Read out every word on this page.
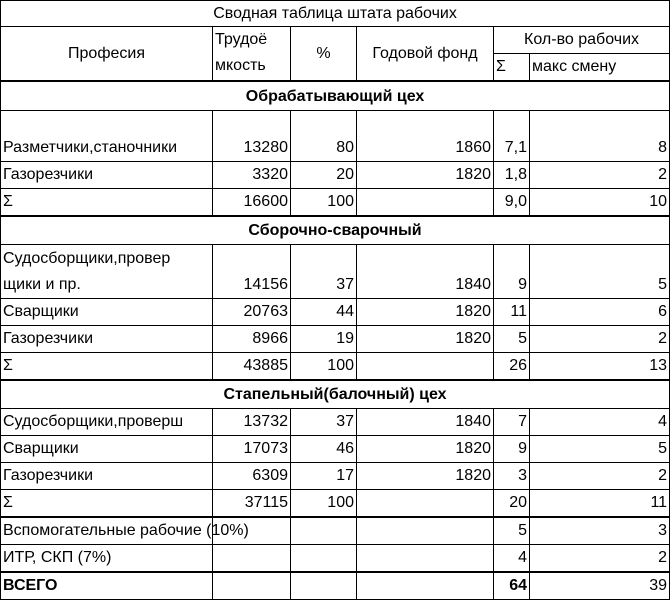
Сводная таблица штата рабочих					
Професия	Трудоё мкость	%	Годовой фонд	Кол-во рабочих	
				Σ	макс смену
Обрабатывающий цех					
Разметчики,станочники	13280	80	1860	7,1	8
Газорезчики	3320	20	1820	1,8	2
Σ	16600	100		9,0	10
Сборочно-сварочный					
Судосборщики,провер щики и пр.	14156	37	1840	9	5
Сварщики	20763	44	1820	11	6
Газорезчики	8966	19	1820	5	2
Σ	43885	100		26	13
Стапельный(балочный) цех					
Судосборщики,проверш	13732	37	1840	7	4
Сварщики	17073	46	1820	9	5
Газорезчики	6309	17	1820	3	2
Σ	37115	100		20	11
Вспомогательные рабочие (10%)				5	3
ИТР, СКП (7%)				4	2
ВСЕГО				64	39
